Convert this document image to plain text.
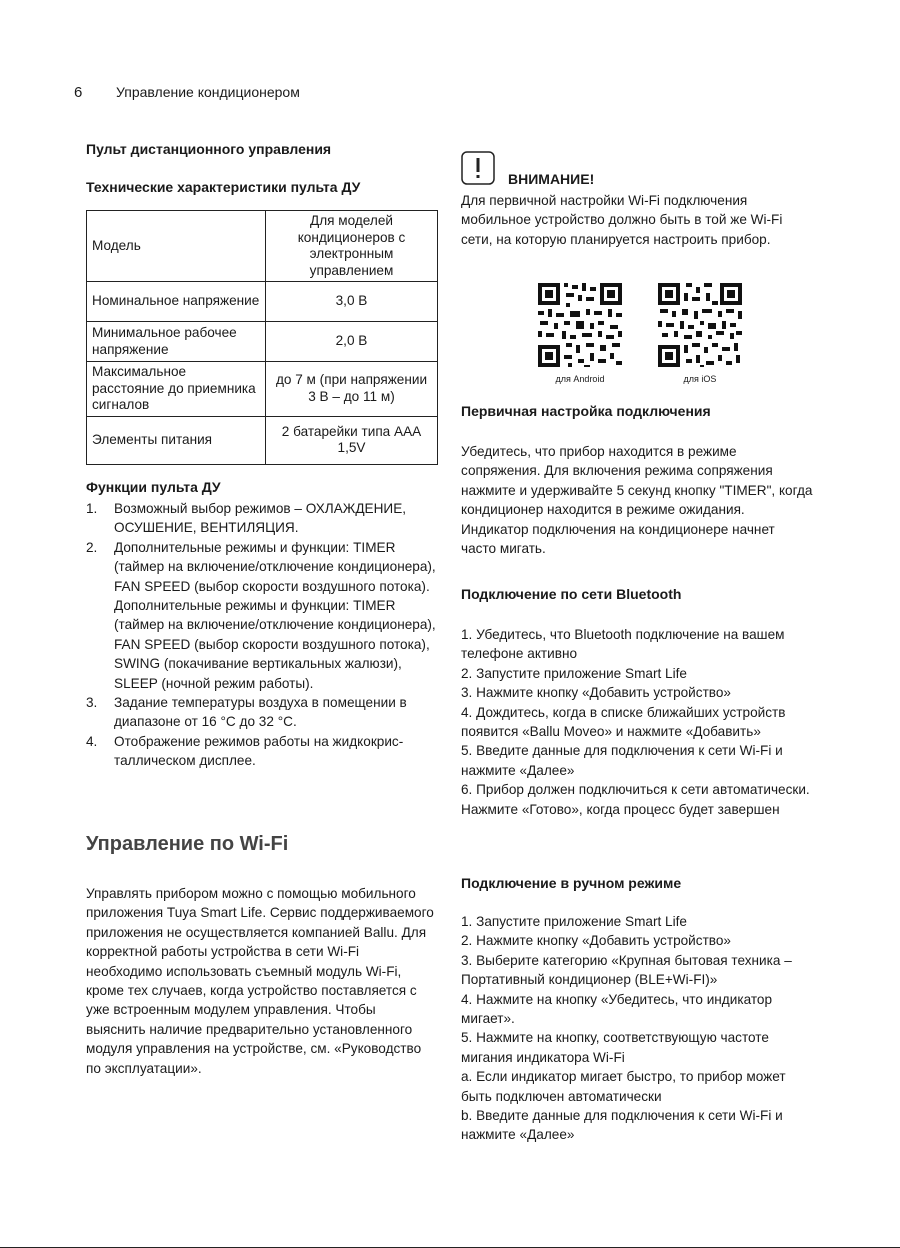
6 Управление кондиционером
Пульт дистанционного управления
Технические характеристики пульта ДУ
Модель	Для моделей кондиционеров с электронным управлением
Номинальное напряжение	3,0 В
Минимальное рабочее напряжение	2,0 В
Максимальное расстояние до приемника сигналов	до 7 м (при напряжении 3 В – до 11 м)
Элементы питания	2 батарейки типа ААА 1,5V
Функции пульта ДУ
1. Возможный выбор режимов – ОХЛАЖДЕНИЕ, ОСУШЕНИЕ, ВЕНТИЛЯЦИЯ.
2. Дополнительные режимы и функции: TIMER (таймер на включение/отключение кондиционера), FAN SPEED (выбор скорости воздушного потока).
Дополнительные режимы и функции: TIMER (таймер на включение/отключение кондиционера), FAN SPEED (выбор скорости воздушного потока), SWING (покачивание вертикальных жалюзи), SLEEP (ночной режим работы).
3. Задание температуры воздуха в помещении в диапазоне от 16 °С до 32 °С.
4. Отображение режимов работы на жидкокрис-таллическом дисплее.
Управление по Wi-Fi
Управлять прибором можно с помощью мобильного приложения Tuya Smart Life. Сервис поддерживаемого приложения не осуществляется компанией Ballu. Для корректной работы устройства в сети Wi-Fi необходимо использовать съемный модуль Wi-Fi, кроме тех случаев, когда устройство поставляется с уже встроенным модулем управления. Чтобы выяснить наличие предварительно установленного модуля управления на устройстве, см. «Руководство по эксплуатации».
ВНИМАНИЕ!
Для первичной настройки Wi-Fi подключения мобильное устройство должно быть в той же Wi-Fi сети, на которую планируется настроить прибор.
для Android	для iOS
Первичная настройка подключения
Убедитесь, что прибор находится в режиме сопряжения. Для включения режима сопряжения нажмите и удерживайте 5 секунд кнопку "TIMER", когда кондиционер находится в режиме ожидания. Индикатор подключения на кондиционере начнет часто мигать.
Подключение по сети Bluetooth
1. Убедитесь, что Bluetooth подключение на вашем телефоне активно
2. Запустите приложение Smart Life
3. Нажмите кнопку «Добавить устройство»
4. Дождитесь, когда в списке ближайших устройств появится «Ballu Moveo» и нажмите «Добавить»
5. Введите данные для подключения к сети Wi-Fi и нажмите «Далее»
6. Прибор должен подключиться к сети автоматически. Нажмите «Готово», когда процесс будет завершен
Подключение в ручном режиме
1. Запустите приложение Smart Life
2. Нажмите кнопку «Добавить устройство»
3. Выберите категорию «Крупная бытовая техника – Портативный кондиционер (BLE+Wi-FI)»
4. Нажмите на кнопку «Убедитесь, что индикатор мигает».
5. Нажмите на кнопку, соответствующую частоте мигания индикатора Wi-Fi
a. Если индикатор мигает быстро, то прибор может быть подключен автоматически
b. Введите данные для подключения к сети Wi-Fi и нажмите «Далее»
